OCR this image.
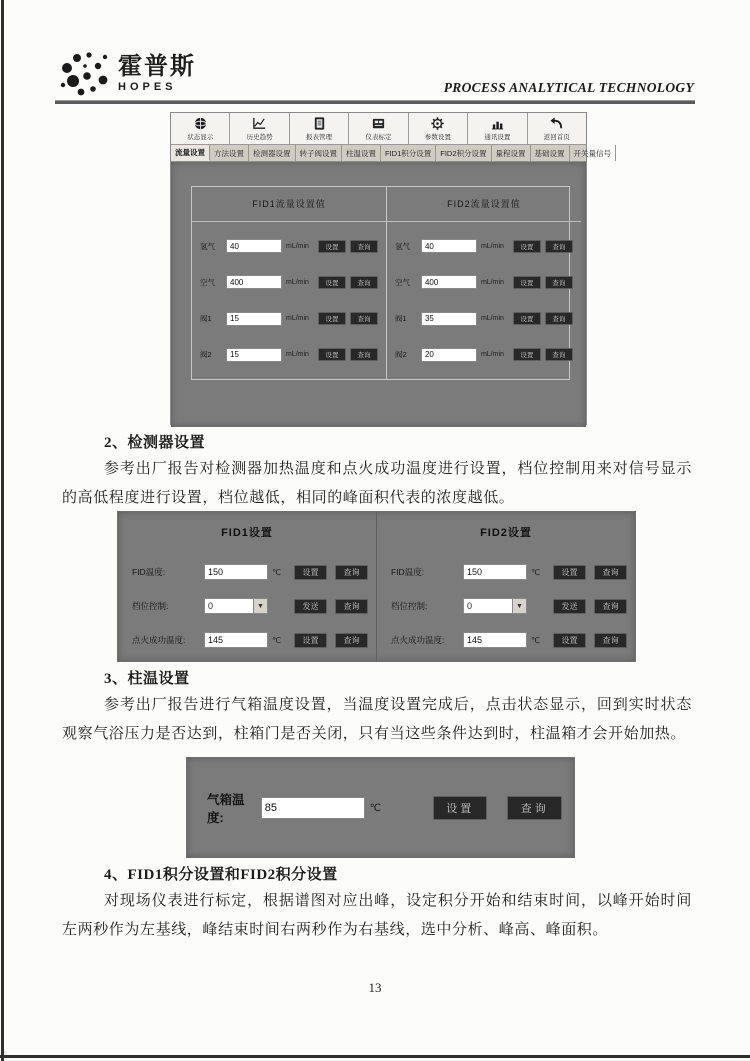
霍普斯
HOPES	PROCESS ANALYTICAL TECHNOLOGY
状态显示	历史趋势	报表管理	仪表标定	参数设置	通讯设置	返回首页
流量设置	方法设置	检测器设置	转子阀设置	柱温设置	FID1积分设置	FID2积分设置	量程设置	基础设置	开关量信号
FID1流量设置值
氢气
40	mL/min	设置	查询
空气
400	mL/min	设置	查询
阀1
15	mL/min	设置	查询
阀2
15	mL/min	设置	查询
FID2流量设置值
氢气
40	mL/min	设置	查询
空气
400	mL/min	设置	查询
阀1
35	mL/min	设置	查询
阀2
20	mL/min	设置	查询
2、检测器设置
参考出厂报告对检测器加热温度和点火成功温度进行设置，档位控制用来对信号显示的高低程度进行设置，档位越低，相同的峰面积代表的浓度越低。
FID1设置
FID温度:
150	℃	设置	查询
档位控制:	0	▼	发送	查询
点火成功温度:
145	℃	设置	查询
FID2设置
FID温度:
150	℃	设置	查询
档位控制:	0	▼	发送	查询
点火成功温度:
145	℃	设置	查询
3、柱温设置
参考出厂报告进行气箱温度设置，当温度设置完成后，点击状态显示，回到实时状态观察气浴压力是否达到，柱箱门是否关闭，只有当这些条件达到时，柱温箱才会开始加热。
气箱温度:
85
℃	设置	查询
4、FID1积分设置和FID2积分设置
对现场仪表进行标定，根据谱图对应出峰，设定积分开始和结束时间，以峰开始时间左两秒作为左基线，峰结束时间右两秒作为右基线，选中分析、峰高、峰面积。
13
